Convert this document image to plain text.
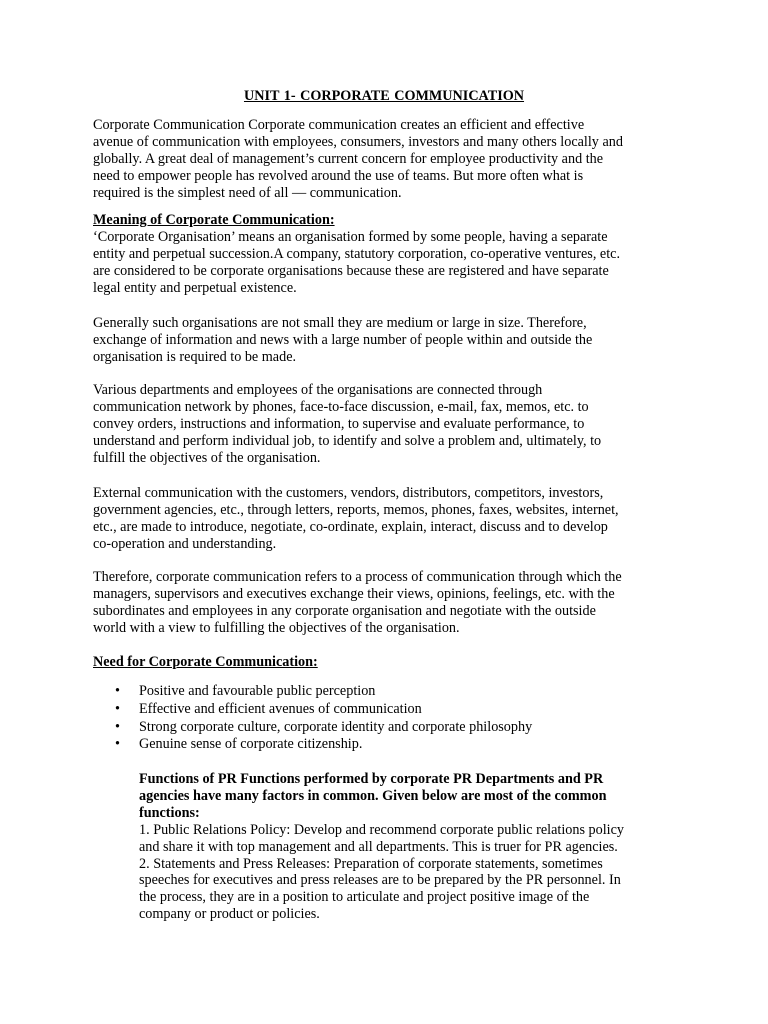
UNIT 1- CORPORATE COMMUNICATION
Corporate Communication Corporate communication creates an efficient and effective
avenue of communication with employees, consumers, investors and many others locally and
globally. A great deal of management’s current concern for employee productivity and the
need to empower people has revolved around the use of teams. But more often what is
required is the simplest need of all — communication.
Meaning of Corporate Communication:
‘Corporate Organisation’ means an organisation formed by some people, having a separate
entity and perpetual succession.A company, statutory corporation, co-operative ventures, etc.
are considered to be corporate organisations because these are registered and have separate
legal entity and perpetual existence.
Generally such organisations are not small they are medium or large in size. Therefore,
exchange of information and news with a large number of people within and outside the
organisation is required to be made.
Various departments and employees of the organisations are connected through
communication network by phones, face-to-face discussion, e-mail, fax, memos, etc. to
convey orders, instructions and information, to supervise and evaluate performance, to
understand and perform individual job, to identify and solve a problem and, ultimately, to
fulfill the objectives of the organisation.
External communication with the customers, vendors, distributors, competitors, investors,
government agencies, etc., through letters, reports, memos, phones, faxes, websites, internet,
etc., are made to introduce, negotiate, co-ordinate, explain, interact, discuss and to develop
co-operation and understanding.
Therefore, corporate communication refers to a process of communication through which the
managers, supervisors and executives exchange their views, opinions, feelings, etc. with the
subordinates and employees in any corporate organisation and negotiate with the outside
world with a view to fulfilling the objectives of the organisation.
Need for Corporate Communication:
• Positive and favourable public perception
• Effective and efficient avenues of communication
• Strong corporate culture, corporate identity and corporate philosophy
• Genuine sense of corporate citizenship.
Functions of PR Functions performed by corporate PR Departments and PR
agencies have many factors in common. Given below are most of the common
functions:
1. Public Relations Policy: Develop and recommend corporate public relations policy
and share it with top management and all departments. This is truer for PR agencies.
2. Statements and Press Releases: Preparation of corporate statements, sometimes
speeches for executives and press releases are to be prepared by the PR personnel. In
the process, they are in a position to articulate and project positive image of the
company or product or policies.
